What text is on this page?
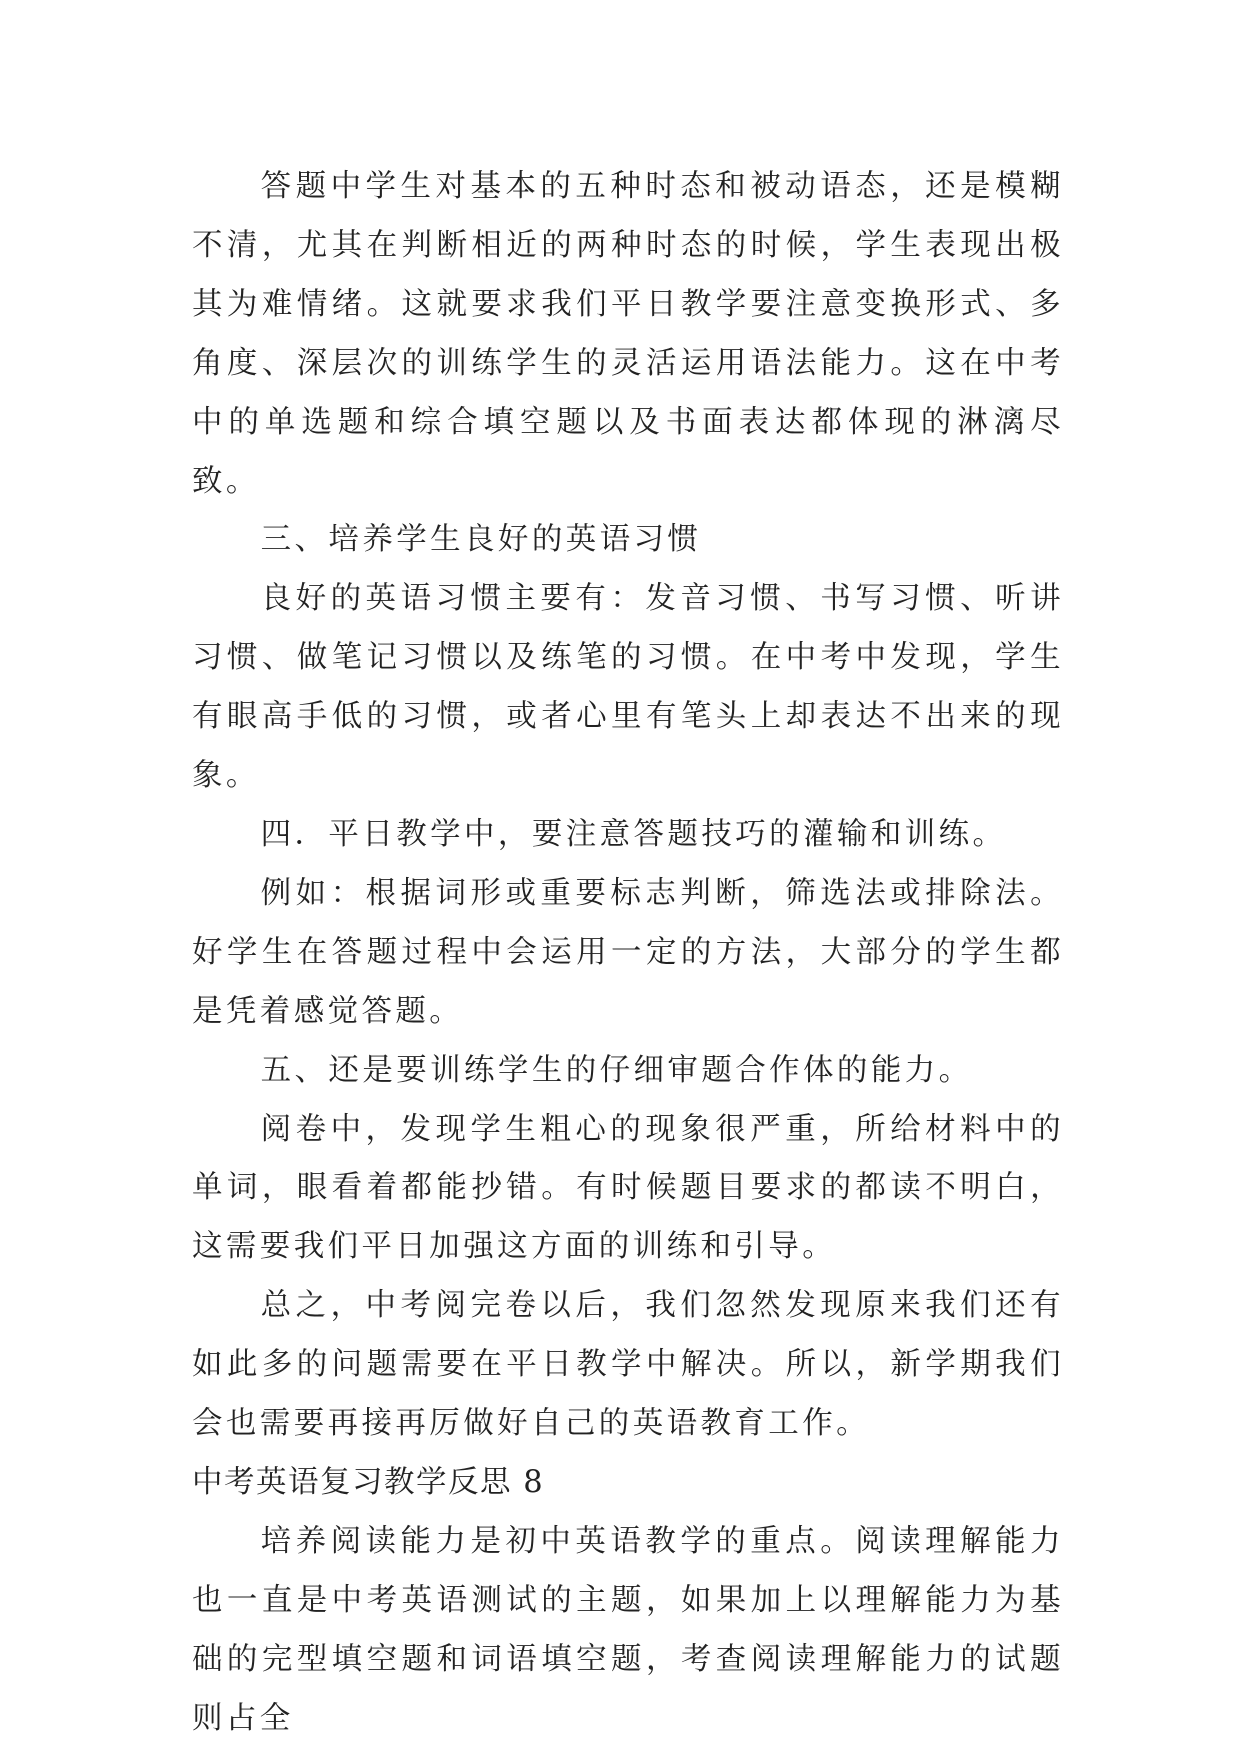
答题中学生对基本的五种时态和被动语态，还是模糊不清，尤其在判断相近的两种时态的时候，学生表现出极其为难情绪。这就要求我们平日教学要注意变换形式、多角度、深层次的训练学生的灵活运用语法能力。这在中考中的单选题和综合填空题以及书面表达都体现的淋漓尽致。

三、培养学生良好的英语习惯

良好的英语习惯主要有：发音习惯、书写习惯、听讲习惯、做笔记习惯以及练笔的习惯。在中考中发现，学生有眼高手低的习惯，或者心里有笔头上却表达不出来的现象。

四．平日教学中，要注意答题技巧的灌输和训练。

例如：根据词形或重要标志判断，筛选法或排除法。好学生在答题过程中会运用一定的方法，大部分的学生都是凭着感觉答题。

五、还是要训练学生的仔细审题合作体的能力。

阅卷中，发现学生粗心的现象很严重，所给材料中的单词，眼看着都能抄错。有时候题目要求的都读不明白，这需要我们平日加强这方面的训练和引导。

总之，中考阅完卷以后，我们忽然发现原来我们还有如此多的问题需要在平日教学中解决。所以，新学期我们会也需要再接再厉做好自己的英语教育工作。

中考英语复习教学反思 8

培养阅读能力是初中英语教学的重点。阅读理解能力也一直是中考英语测试的主题，如果加上以理解能力为基础的完型填空题和词语填空题，考查阅读理解能力的试题则占全
